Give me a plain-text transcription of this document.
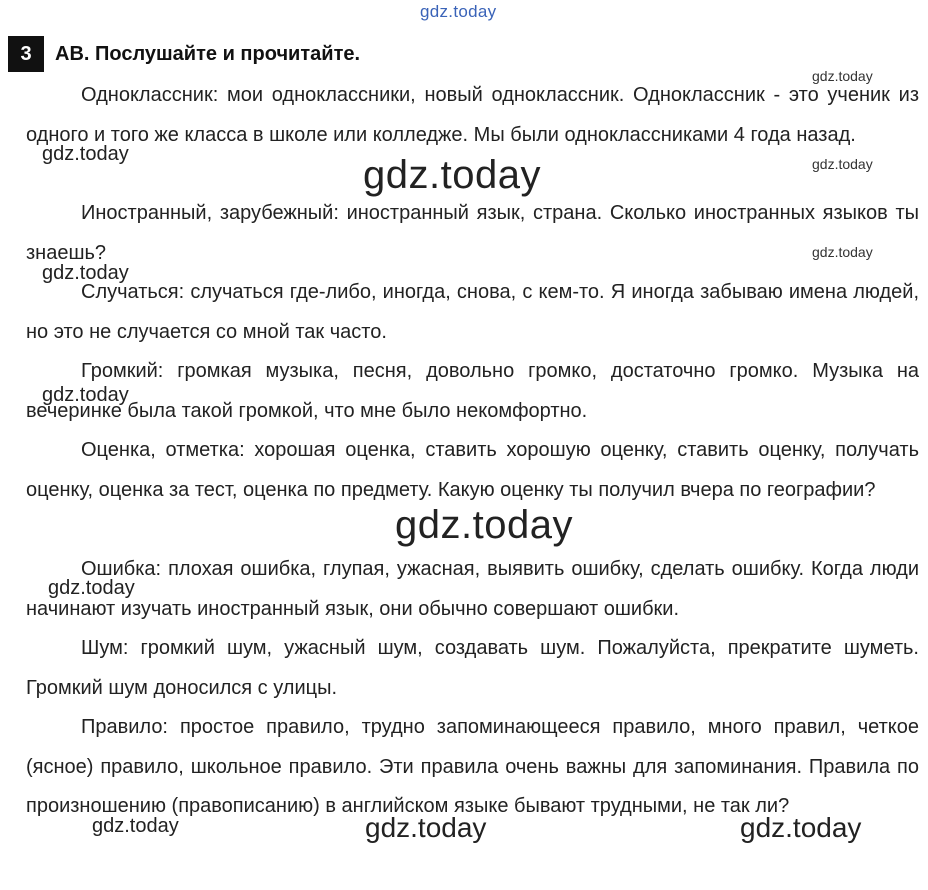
gdz.today
3	AB. Послушайте и прочитайте.

Одноклассник: мои одноклассники, новый одноклассник. Одноклассник - это ученик из одного и того же класса в школе или колледже. Мы были одноклассниками 4 года назад.

Иностранный, зарубежный: иностранный язык, страна. Сколько иностранных языков ты знаешь?

Случаться: случаться где-либо, иногда, снова, с кем-то. Я иногда забываю имена людей, но это не случается со мной так часто.

Громкий: громкая музыка, песня, довольно громко, достаточно громко. Музыка на вечеринке была такой громкой, что мне было некомфортно.

Оценка, отметка: хорошая оценка, ставить хорошую оценку, ставить оценку, получать оценку, оценка за тест, оценка по предмету. Какую оценку ты получил вчера по географии?

Ошибка: плохая ошибка, глупая, ужасная, выявить ошибку, сделать ошибку. Когда люди начинают изучать иностранный язык, они обычно совершают ошибки.

Шум: громкий шум, ужасный шум, создавать шум. Пожалуйста, прекратите шуметь. Громкий шум доносился с улицы.

Правило: простое правило, трудно запоминающееся правило, много правил, четкое (ясное) правило, школьное правило. Эти правила очень важны для запоминания. Правила по произношению (правописанию) в английском языке бывают трудными, не так ли?

gdz.today
gdz.today	gdz.today
gdz.today
gdz.today
gdz.today
gdz.today
gdz.today
gdz.today
gdz.today	gdz.today	gdz.today
